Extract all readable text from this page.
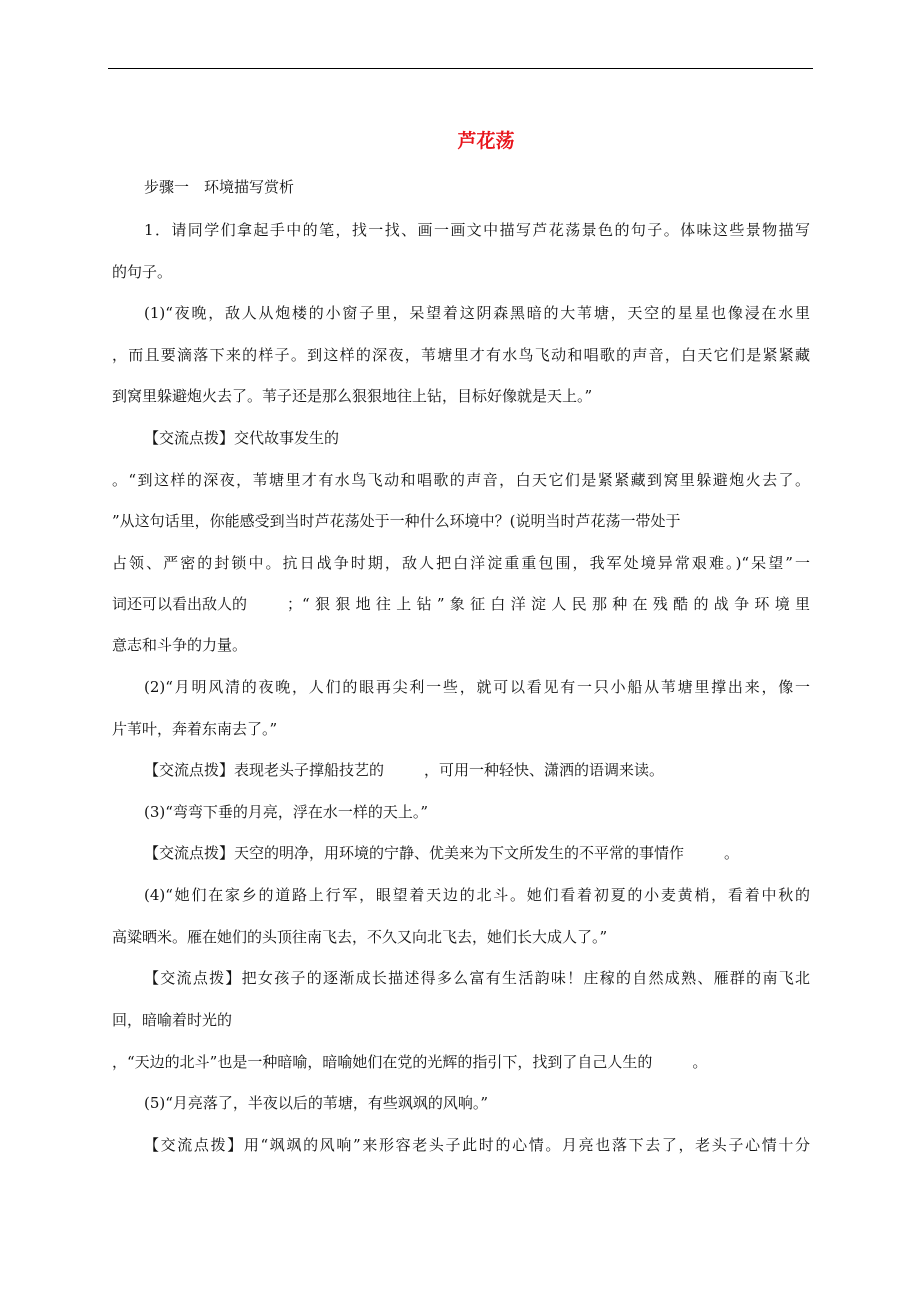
芦花荡
步骤一　环境描写赏析
1．请同学们拿起手中的笔，找一找、画一画文中描写芦花荡景色的句子。体味这些景物描写
的句子。
(1)“夜晚，敌人从炮楼的小窗子里，呆望着这阴森黑暗的大苇塘，天空的星星也像浸在水里
，而且要滴落下来的样子。到这样的深夜，苇塘里才有水鸟飞动和唱歌的声音，白天它们是紧紧藏
到窝里躲避炮火去了。苇子还是那么狠狠地往上钻，目标好像就是天上。”
【交流点拨】交代故事发生的
。“到这样的深夜，苇塘里才有水鸟飞动和唱歌的声音，白天它们是紧紧藏到窝里躲避炮火去了。
”从这句话里，你能感受到当时芦花荡处于一种什么环境中？(说明当时芦花荡一带处于
占领、严密的封锁中。抗日战争时期，敌人把白洋淀重重包围，我军处境异常艰难。)“呆望”一
词还可以看出敌人的	；“狠狠地往上钻”象征白洋淀人民那种在残酷的战争环境里
意志和斗争的力量。
(2)“月明风清的夜晚，人们的眼再尖利一些，就可以看见有一只小船从苇塘里撑出来，像一
片苇叶，奔着东南去了。”
【交流点拨】表现老头子撑船技艺的	，可用一种轻快、潇洒的语调来读。
(3)“弯弯下垂的月亮，浮在水一样的天上。”
【交流点拨】天空的明净，用环境的宁静、优美来为下文所发生的不平常的事情作	。
(4)“她们在家乡的道路上行军，眼望着天边的北斗。她们看着初夏的小麦黄梢，看着中秋的
高粱晒米。雁在她们的头顶往南飞去，不久又向北飞去，她们长大成人了。”
【交流点拨】把女孩子的逐渐成长描述得多么富有生活韵味！庄稼的自然成熟、雁群的南飞北
回，暗喻着时光的
，“天边的北斗”也是一种暗喻，暗喻她们在党的光辉的指引下，找到了自己人生的	。
(5)“月亮落了，半夜以后的苇塘，有些飒飒的风响。”
【交流点拨】用“飒飒的风响”来形容老头子此时的心情。月亮也落下去了，老头子心情十分
